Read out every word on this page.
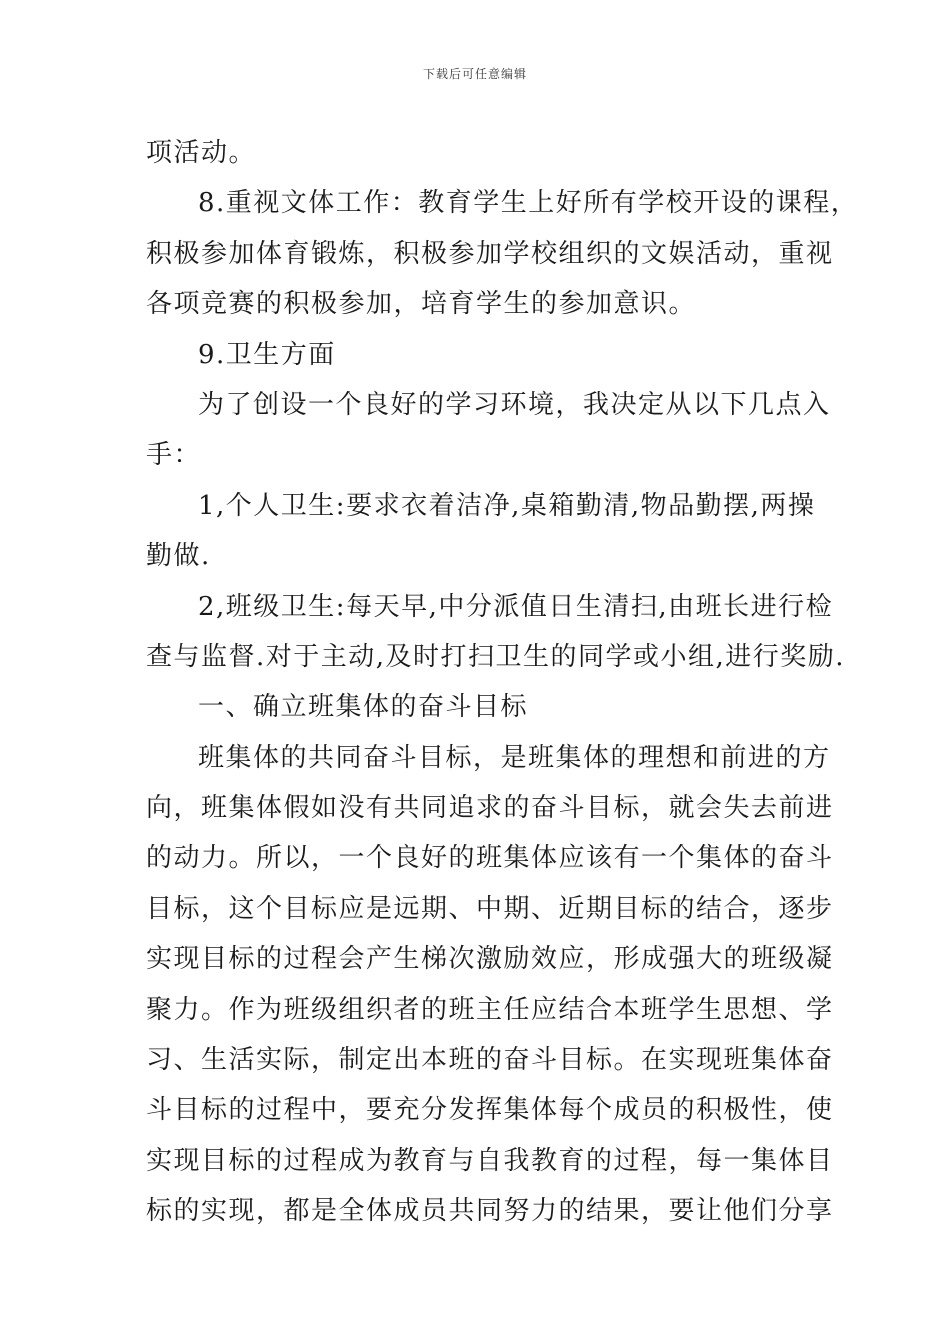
下载后可任意编辑
项活动。
8.重视文体工作：教育学生上好所有学校开设的课程，
积极参加体育锻炼，积极参加学校组织的文娱活动，重视
各项竞赛的积极参加，培育学生的参加意识。
9.卫生方面
为了创设一个良好的学习环境，我决定从以下几点入
手：
1,个人卫生:要求衣着洁净,桌箱勤清,物品勤摆,两操
勤做.
2,班级卫生:每天早,中分派值日生清扫,由班长进行检
查与监督.对于主动,及时打扫卫生的同学或小组,进行奖励.
一、确立班集体的奋斗目标
班集体的共同奋斗目标，是班集体的理想和前进的方
向，班集体假如没有共同追求的奋斗目标，就会失去前进
的动力。所以，一个良好的班集体应该有一个集体的奋斗
目标，这个目标应是远期、中期、近期目标的结合，逐步
实现目标的过程会产生梯次激励效应，形成强大的班级凝
聚力。作为班级组织者的班主任应结合本班学生思想、学
习、生活实际，制定出本班的奋斗目标。在实现班集体奋
斗目标的过程中，要充分发挥集体每个成员的积极性，使
实现目标的过程成为教育与自我教育的过程，每一集体目
标的实现，都是全体成员共同努力的结果，要让他们分享
